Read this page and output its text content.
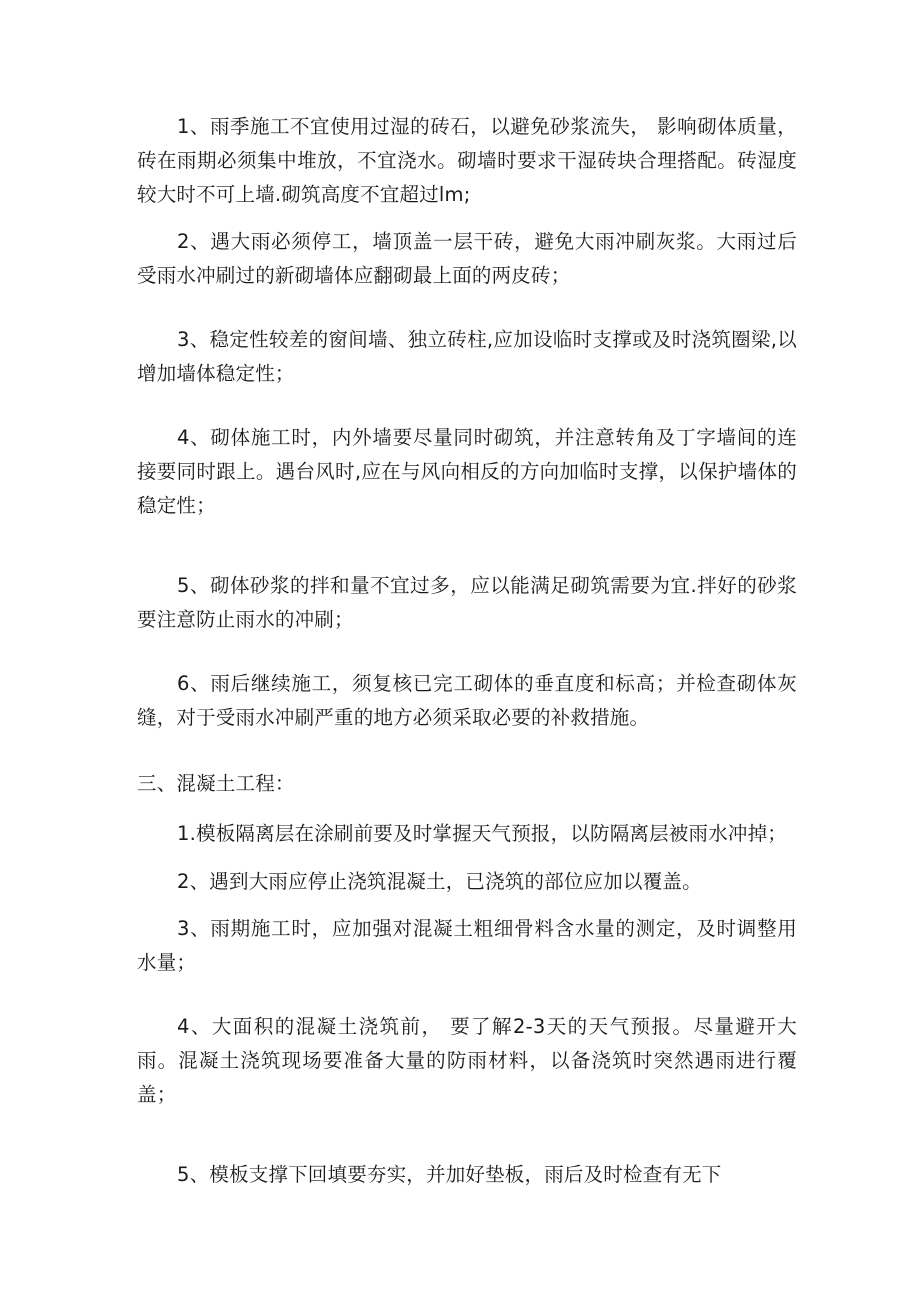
1、雨季施工不宜使用过湿的砖石，以避免砂浆流失， 影响砌体质量，砖在雨期必须集中堆放，不宜浇水。砌墙时要求干湿砖块合理搭配。砖湿度较大时不可上墙.砌筑高度不宜超过lm;

2、遇大雨必须停工，墙顶盖一层干砖，避免大雨冲刷灰浆。大雨过后受雨水冲刷过的新砌墙体应翻砌最上面的两皮砖；

3、稳定性较差的窗间墙、独立砖柱,应加设临时支撑或及时浇筑圈梁,以增加墙体稳定性；

4、砌体施工时，内外墙要尽量同时砌筑，并注意转角及丁字墙间的连接要同时跟上。遇台风时,应在与风向相反的方向加临时支撑，以保护墙体的稳定性；

5、砌体砂浆的拌和量不宜过多，应以能满足砌筑需要为宜.拌好的砂浆要注意防止雨水的冲刷；

6、雨后继续施工，须复核已完工砌体的垂直度和标高；并检查砌体灰缝，对于受雨水冲刷严重的地方必须采取必要的补救措施。

三、混凝土工程：

1.模板隔离层在涂刷前要及时掌握天气预报，以防隔离层被雨水冲掉；

2、遇到大雨应停止浇筑混凝土，已浇筑的部位应加以覆盖。

3、雨期施工时，应加强对混凝土粗细骨料含水量的测定，及时调整用水量；

4、大面积的混凝土浇筑前， 要了解2-3天的天气预报。尽量避开大雨。混凝土浇筑现场要准备大量的防雨材料，以备浇筑时突然遇雨进行覆盖；

5、模板支撑下回填要夯实，并加好垫板，雨后及时检查有无下
